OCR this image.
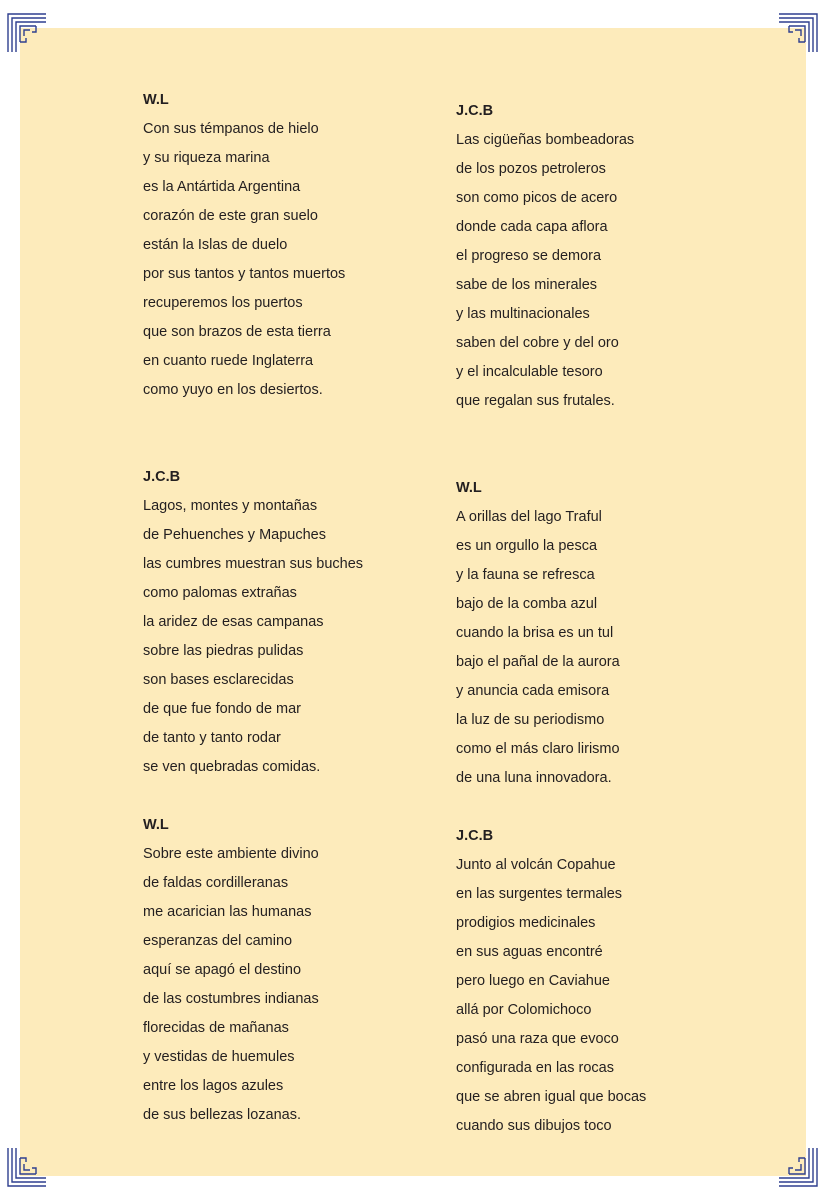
W.L
Con sus témpanos de hielo
y su riqueza marina
es la Antártida Argentina
corazón de este gran suelo
están la Islas de duelo
por sus tantos y tantos muertos
recuperemos los puertos
que son brazos de esta tierra
en cuanto ruede Inglaterra
como yuyo en los desiertos.
J.C.B
Las cigüeñas bombeadoras
de los pozos petroleros
son como picos de acero
donde cada capa aflora
el progreso se demora
sabe de los minerales
y las multinacionales
saben del cobre y del oro
y el incalculable tesoro
que regalan sus frutales.
J.C.B
Lagos, montes y montañas
de Pehuenches y Mapuches
las cumbres muestran sus buches
como palomas extrañas
la aridez de esas campanas
sobre las piedras pulidas
son bases esclarecidas
de que fue fondo de mar
de tanto y tanto rodar
se ven quebradas comidas.
W.L
A orillas del lago Traful
es un orgullo la pesca
y la fauna se refresca
bajo de la comba azul
cuando la brisa es un tul
bajo el pañal de la aurora
y anuncia cada emisora
la luz de su periodismo
como el más claro lirismo
de una luna innovadora.
W.L
Sobre este ambiente divino
de faldas cordilleranas
me acarician las humanas
esperanzas del camino
aquí se apagó el destino
de las costumbres indianas
florecidas de mañanas
y vestidas de huemules
entre los lagos azules
de sus bellezas lozanas.
J.C.B
Junto al volcán Copahue
en las surgentes termales
prodigios medicinales
en sus aguas encontré
pero luego en Caviahue
allá por Colomichoco
pasó una raza que evoco
configurada en las rocas
que se abren igual que bocas
cuando sus dibujos toco
